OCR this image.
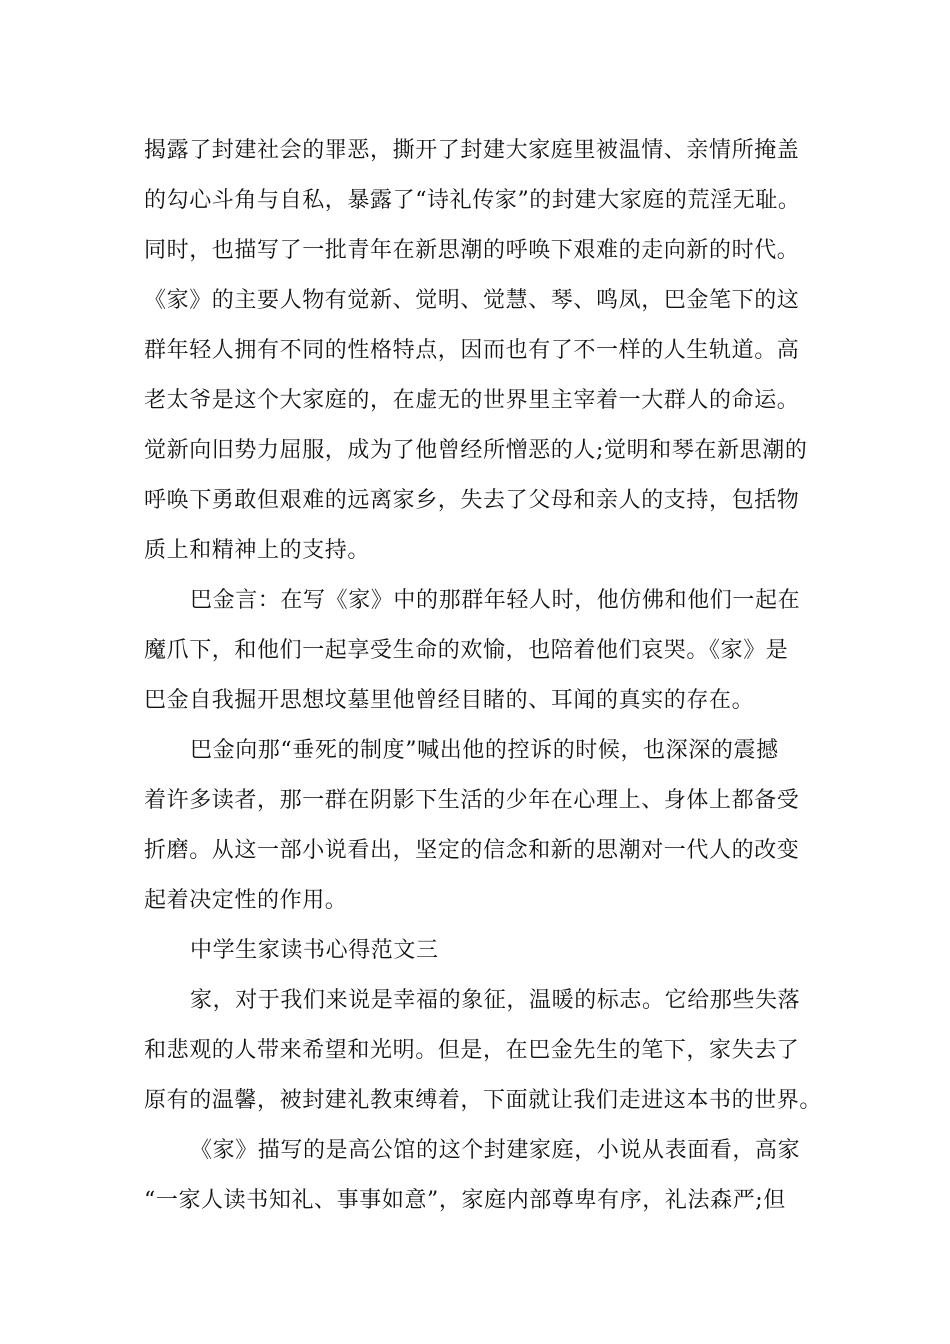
揭露了封建社会的罪恶，撕开了封建大家庭里被温情、亲情所掩盖
的勾心斗角与自私，暴露了“诗礼传家”的封建大家庭的荒淫无耻。
同时，也描写了一批青年在新思潮的呼唤下艰难的走向新的时代。
《家》的主要人物有觉新、觉明、觉慧、琴、鸣凤，巴金笔下的这
群年轻人拥有不同的性格特点，因而也有了不一样的人生轨道。高
老太爷是这个大家庭的，在虚无的世界里主宰着一大群人的命运。
觉新向旧势力屈服，成为了他曾经所憎恶的人;觉明和琴在新思潮的
呼唤下勇敢但艰难的远离家乡，失去了父母和亲人的支持，包括物
质上和精神上的支持。
巴金言：在写《家》中的那群年轻人时，他仿佛和他们一起在
魔爪下，和他们一起享受生命的欢愉，也陪着他们哀哭。《家》是
巴金自我掘开思想坟墓里他曾经目睹的、耳闻的真实的存在。
巴金向那“垂死的制度”喊出他的控诉的时候，也深深的震撼
着许多读者，那一群在阴影下生活的少年在心理上、身体上都备受
折磨。从这一部小说看出，坚定的信念和新的思潮对一代人的改变
起着决定性的作用。
中学生家读书心得范文三
家，对于我们来说是幸福的象征，温暖的标志。它给那些失落
和悲观的人带来希望和光明。但是，在巴金先生的笔下，家失去了
原有的温馨，被封建礼教束缚着，下面就让我们走进这本书的世界。
《家》描写的是高公馆的这个封建家庭，小说从表面看，高家
“一家人读书知礼、事事如意”，家庭内部尊卑有序，礼法森严;但
